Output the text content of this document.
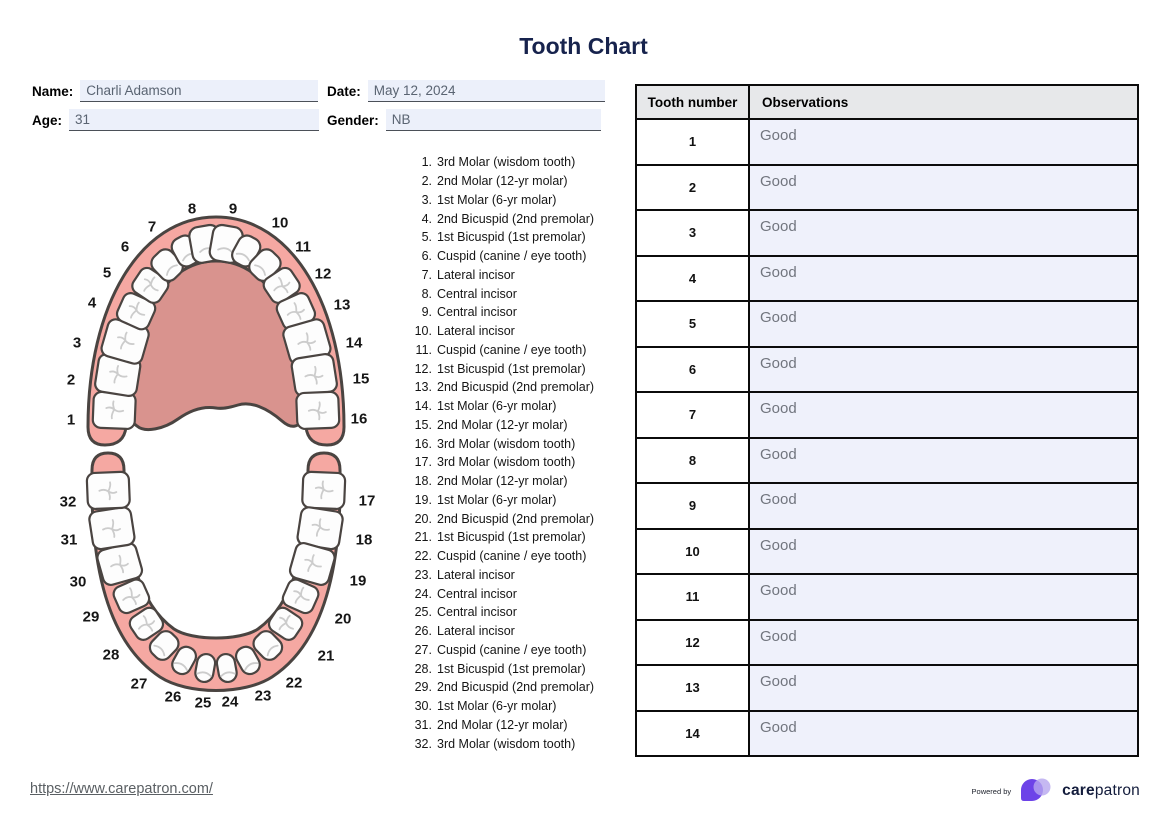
Tooth Chart
Name: Charli Adamson	Date: May 12, 2024
Age: 31	Gender: NB
1
2
3
4
5
6
7
8 9
10
11
12
13
14
15
16
17
18
19
20
21
22
23
24
25
26
27
28
29
30
31
32
1. 3rd Molar (wisdom tooth)
2. 2nd Molar (12-yr molar)
3. 1st Molar (6-yr molar)
4. 2nd Bicuspid (2nd premolar)
5. 1st Bicuspid (1st premolar)
6. Cuspid (canine / eye tooth)
7. Lateral incisor
8. Central incisor
9. Central incisor
10. Lateral incisor
11. Cuspid (canine / eye tooth)
12. 1st Bicuspid (1st premolar)
13. 2nd Bicuspid (2nd premolar)
14. 1st Molar (6-yr molar)
15. 2nd Molar (12-yr molar)
16. 3rd Molar (wisdom tooth)
17. 3rd Molar (wisdom tooth)
18. 2nd Molar (12-yr molar)
19. 1st Molar (6-yr molar)
20. 2nd Bicuspid (2nd premolar)
21. 1st Bicuspid (1st premolar)
22. Cuspid (canine / eye tooth)
23. Lateral incisor
24. Central incisor
25. Central incisor
26. Lateral incisor
27. Cuspid (canine / eye tooth)
28. 1st Bicuspid (1st premolar)
29. 2nd Bicuspid (2nd premolar)
30. 1st Molar (6-yr molar)
31. 2nd Molar (12-yr molar)
32. 3rd Molar (wisdom tooth)
Tooth number	Observations
1	Good
2	Good
3	Good
4	Good
5	Good
6	Good
7	Good
8	Good
9	Good
10	Good
11	Good
12	Good
13	Good
14	Good
https://www.carepatron.com/	Powered by	carepatron
